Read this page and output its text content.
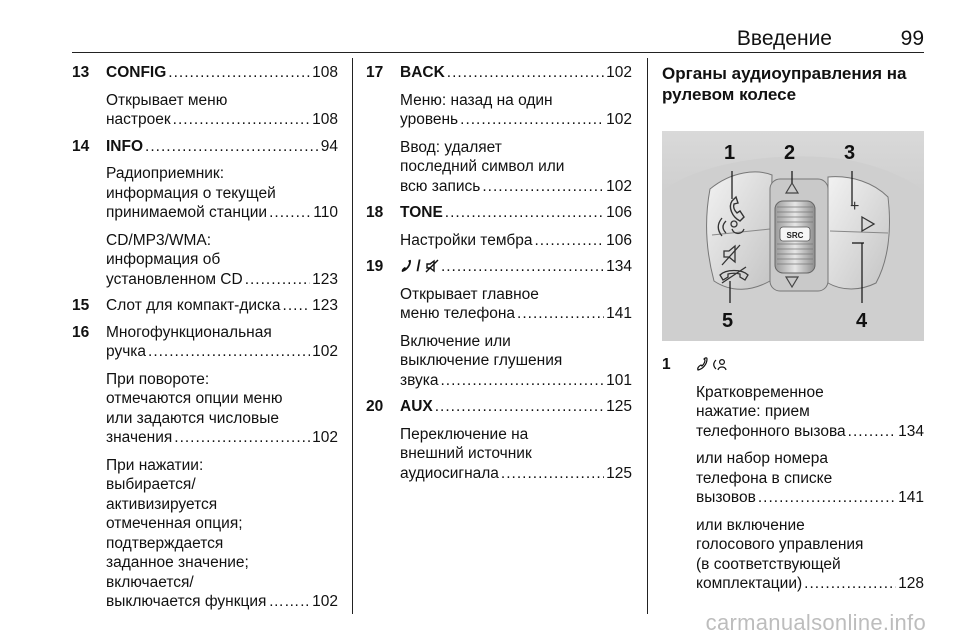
Введение	99
13 CONFIG .....	108
Открывает меню
настроек .....	108
14 INFO .....	94
Радиоприемник:
информация о текущей
принимаемой станции .....	110
CD/MP3/WMA:
информация об
установленном CD .....	123
15 Слот для компакт-диска ..... 123
16 Многофункциональная
ручка .....	102
При повороте:
отмечаются опции меню
или задаются числовые
значения .....	102
При нажатии:
выбирается/
активизируется
отмеченная опция;
подтверждается
заданное значение;
включается/
выключается функция ……………………………………………………………………………………	102
17 BACK .....	102
Меню: назад на один
уровень .....	102
Ввод: удаляет
последний символ или
всю запись .....	102
18 TONE .....	106
Настройки тембра .....	106
19	/ .....	134
Открывает главное
меню телефона .....	141
Включение или
выключение глушения
звука .....	101
20 AUX .....	125
Переключение на
внешний источник
аудиосигнала .....	125
Органы аудиоуправления на
рулевом колесе
SRC
+
1 2 3
4
5
1

Кратковременное
нажатие: прием
телефонного вызова .....	134
или набор номера
телефона в списке
вызовов .....	141
или включение
голосового управления
(в соответствующей
комплектации) .....	128
carmanualsonline.info
